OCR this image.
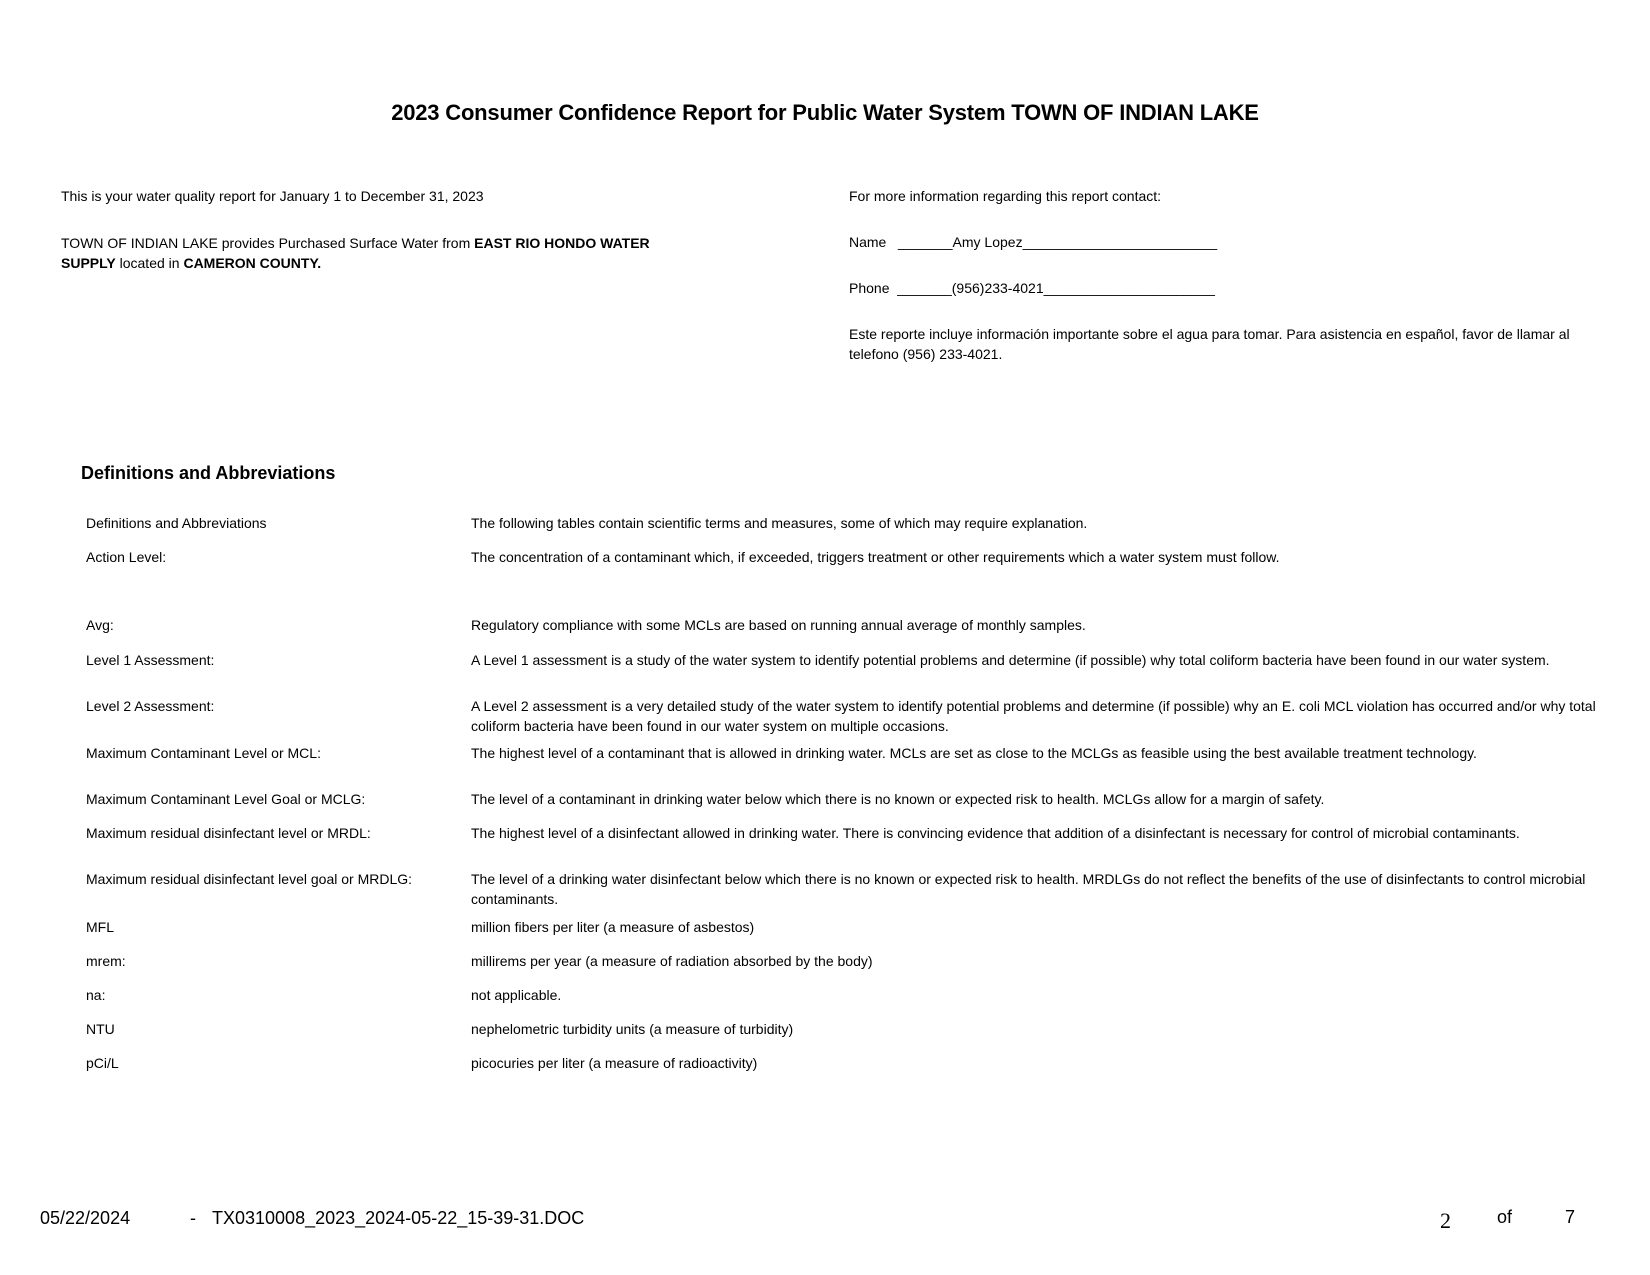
2023 Consumer Confidence Report for Public Water System TOWN OF INDIAN LAKE

This is your water quality report for January 1 to December 31, 2023

TOWN OF INDIAN LAKE provides Purchased Surface Water from EAST RIO HONDO WATER SUPPLY located in CAMERON COUNTY.

For more information regarding this report contact:

Name _______Amy Lopez_________________________

Phone _______(956)233-4021______________________

Este reporte incluye información importante sobre el agua para tomar. Para asistencia en español, favor de llamar al telefono (956) 233-4021.

Definitions and Abbreviations
Definitions and Abbreviations	The following tables contain scientific terms and measures, some of which may require explanation.
Action Level:	The concentration of a contaminant which, if exceeded, triggers treatment or other requirements which a water system must follow.
Avg:	Regulatory compliance with some MCLs are based on running annual average of monthly samples.
Level 1 Assessment:	A Level 1 assessment is a study of the water system to identify potential problems and determine (if possible) why total coliform bacteria have been found in our water system.
Level 2 Assessment:	A Level 2 assessment is a very detailed study of the water system to identify potential problems and determine (if possible) why an E. coli MCL violation has occurred and/or why total coliform bacteria have been found in our water system on multiple occasions.
Maximum Contaminant Level or MCL:	The highest level of a contaminant that is allowed in drinking water. MCLs are set as close to the MCLGs as feasible using the best available treatment technology.
Maximum Contaminant Level Goal or MCLG:	The level of a contaminant in drinking water below which there is no known or expected risk to health. MCLGs allow for a margin of safety.
Maximum residual disinfectant level or MRDL:	The highest level of a disinfectant allowed in drinking water. There is convincing evidence that addition of a disinfectant is necessary for control of microbial contaminants.
Maximum residual disinfectant level goal or MRDLG:	The level of a drinking water disinfectant below which there is no known or expected risk to health. MRDLGs do not reflect the benefits of the use of disinfectants to control microbial contaminants.
MFL	million fibers per liter (a measure of asbestos)
mrem:	millirems per year (a measure of radiation absorbed by the body)
na:	not applicable.
NTU	nephelometric turbidity units (a measure of turbidity)
pCi/L	picocuries per liter (a measure of radioactivity)
05/22/2024	- TX0310008_2023_2024-05-22_15-39-31.DOC	2	of	7
